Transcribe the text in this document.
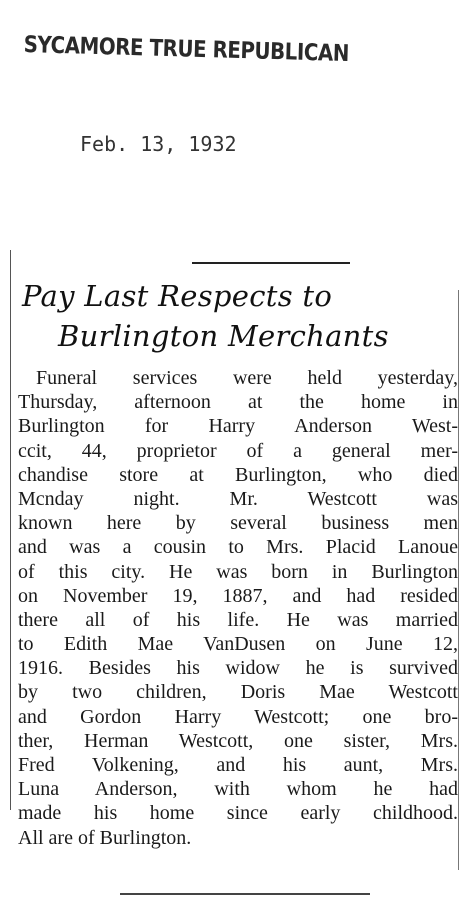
SYCAMORE TRUE REPUBLICAN
Feb. 13, 1932
Pay Last Respects to
Burlington Merchants
Funeral services were held yesterday,
Thursday, afternoon at the home in
Burlington for Harry Anderson West-
ccit, 44, proprietor of a general mer-
chandise store at Burlington, who died
Mcnday night. Mr. Westcott was
known here by several business men
and was a cousin to Mrs. Placid Lanoue
of this city. He was born in Burlington
on November 19, 1887, and had resided
there all of his life. He was married
to Edith Mae VanDusen on June 12,
1916. Besides his widow he is survived
by two children, Doris Mae Westcott
and Gordon Harry Westcott; one bro-
ther, Herman Westcott, one sister, Mrs.
Fred Volkening, and his aunt, Mrs.
Luna Anderson, with whom he had
made his home since early childhood.
All are of Burlington.
